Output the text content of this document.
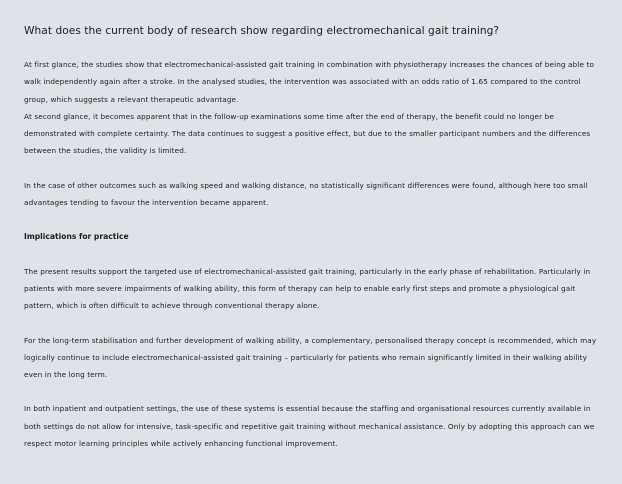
What does the current body of research show regarding electromechanical gait training?

At first glance, the studies show that electromechanical-assisted gait training in combination with physiotherapy increases the chances of being able to walk independently again after a stroke. In the analysed studies, the intervention was associated with an odds ratio of 1.65 compared to the control group, which suggests a relevant therapeutic advantage.

At second glance, it becomes apparent that in the follow-up examinations some time after the end of therapy, the benefit could no longer be demonstrated with complete certainty. The data continues to suggest a positive effect, but due to the smaller participant numbers and the differences between the studies, the validity is limited.

In the case of other outcomes such as walking speed and walking distance, no statistically significant differences were found, although here too small advantages tending to favour the intervention became apparent.

Implications for practice

The present results support the targeted use of electromechanical-assisted gait training, particularly in the early phase of rehabilitation. Particularly in patients with more severe impairments of walking ability, this form of therapy can help to enable early first steps and promote a physiological gait pattern, which is often difficult to achieve through conventional therapy alone.

For the long-term stabilisation and further development of walking ability, a complementary, personalised therapy concept is recommended, which may logically continue to include electromechanical-assisted gait training – particularly for patients who remain significantly limited in their walking ability even in the long term.

In both inpatient and outpatient settings, the use of these systems is essential because the staffing and organisational resources currently available in both settings do not allow for intensive, task-specific and repetitive gait training without mechanical assistance. Only by adopting this approach can we respect motor learning principles while actively enhancing functional improvement.
